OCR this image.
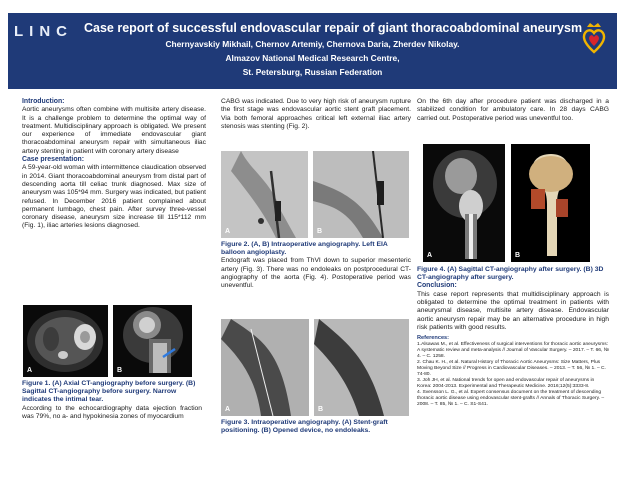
LINC Case report of successful endovascular repair of giant thoracoabdominal aneurysm
Chernyavskiy Mikhail, Chernov Artemiy, Chernova Daria, Zherdev Nikolay.
Almazov National Medical Research Centre,
St. Petersburg, Russian Federation
Introduction:

Aortic aneurysms often combine with multisite artery disease. It is a challenge problem to determine the optimal way of treatment. Multidisciplinary approach is obligated. We present our experience of immediate endovascular giant thoracoabdominal aneurysm repair with simultaneous iliac artery stenting in patient with coronary artery disease

Case presentation:

A 59-year-old woman with intermittence claudication observed in 2014. Giant thoracoabdominal aneurysm from distal part of descending aorta till celiac trunk diagnosed. Max size of aneurysm was 105*94 mm. Surgery was indicated, but patient refused. In December 2016 patient complained about permanent lumbago, chest pain. After survey three-vessel coronary disease, aneurysm size increase till 115*112 mm (Fig. 1), iliac arteries lesions diagnosed.

A	B
Figure 1. (A) Axial CT-angiography before surgery. (B) Sagittal CT-angiography before surgery. Narrow indicates the intimal tear.

According to the echocardiography data ejection fraction was 79%, no a- and hypokinesia zones of myocardium

CABG was indicated. Due to very high risk of aneurysm rupture the first stage was endovascular aortic stent graft placement. Via both femoral approaches critical left external iliac artery stenosis was stenting (Fig. 2).

A	B
Figure 2. (A, B) Intraoperative angiography. Left EIA balloon angioplasty.

Endograft was placed from ThVI down to superior mesenteric artery (Fig. 3). There was no endoleaks on postprocedural CT-angiography of the aorta (Fig. 4). Postoperative period was uneventful.

A	B
Figure 3. Intraoperative angiography. (A) Stent-graft positioning. (B) Opened device, no endoleaks.

On the 6th day after procedure patient was discharged in a stabilized condition for ambulatory care. In 28 days CABG carried out. Postoperative period was uneventful too.

A	B
Figure 4. (A) Sagittal CT-angiography after surgery. (B) 3D CT-angiography after surgery.
Conclusion:

This case report represents that multidisciplinary approach is obligated to determine the optimal treatment in patients with aneurysmal disease, multisite artery disease. Endovascular aortic aneurysm repair may be an alternative procedure in high risk patients with good results.

References:

1.Alsawas M., et al. Effectiveness of surgical interventions for thoracic aortic aneurysms: A systematic review and meta-analysis // Journal of Vascular Surgery. – 2017. – T. 66, № 4. – C. 1258.

2. Chau K. H., et al. Natural History of Thoracic Aortic Aneurysms: Size Matters, Plus Moving Beyond Size // Progress in Cardiovascular Diseases. – 2013. – T. 56, № 1. – C. 74-80.

3. Joh JH, et al. National trends for open and endovascular repair of aneurysms in Korea: 2004-2013. Experimental and Therapeutic Medicine. 2016;12(5):3333-8.

4. Svensson L. G., et al. Expert consensus document on the treatment of descending thoracic aortic disease using endovascular stent-grafts // Annals of Thoracic Surgery. – 2008. – T. 85, № 1. – C. S1-S41.
